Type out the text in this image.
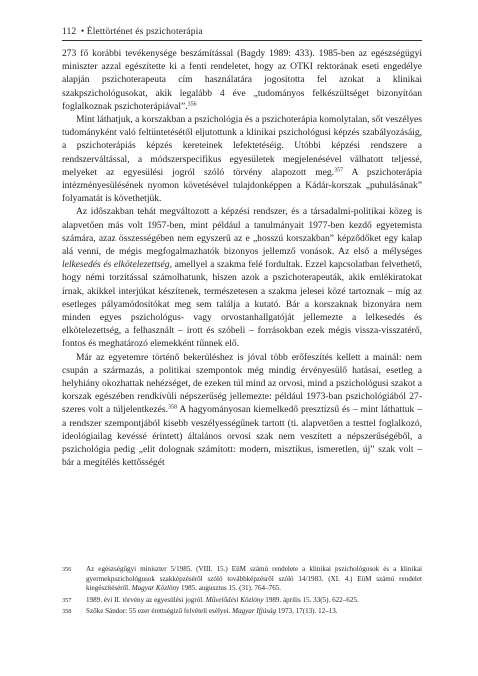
112 • Élettörténet és pszichoterápia

273 fő korábbi tevékenysége beszámítással (Bagdy 1989: 433). 1985-ben az egészségügyi miniszter azzal egészítette ki a fenti rendeletet, hogy az OTKI rektorának eseti engedélye alapján pszichoterapeuta cím használatára jogosította fel azokat a klinikai szakpszichológusokat, akik legalább 4 éve „tudományos felkészültséget bizonyítóan foglalkoznak pszichoterápiával”.$^{356}$

Mint láthatjuk, a korszakban a pszichológia és a pszichoterápia komolytalan, sőt veszélyes tudományként való feltüntetésétől eljutottunk a klinikai pszichológusi képzés szabályozásáig, a pszichoterápiás képzés kereteinek lefektetéséig. Utóbbi képzési rendszere a rendszerváltással, a módszerspecifikus egyesületek megjelenésével válhatott teljessé, melyeket az egyesülési jogról szóló törvény alapozott meg.$^{357}$ A pszichoterápia intézményesülésének nyomon követésével tulajdonképpen a Kádár-korszak „puhulásának” folyamatát is követhetjük.

Az időszakban tehát megváltozott a képzési rendszer, és a társadalmi-politikai közeg is alapvetően más volt 1957-ben, mint például a tanulmányait 1977-ben kezdő egyetemista számára, azaz összességében nem egyszerű az e „hosszú korszakban” képződőket egy kalap alá venni, de mégis megfogalmazhatók bizonyos jellemző vonások. Az első a mélységes lelkesedés és elkötelezettség, amellyel a szakma felé fordultak. Ezzel kapcsolatban felvethető, hogy némi torzítással számolhatunk, hiszen azok a pszichoterapeuták, akik emlékiratokat írnak, akikkel interjúkat készítenek, természetesen a szakma jelesei közé tartoznak – míg az esetleges pályamódosítókat meg sem találja a kutató. Bár a korszaknak bizonyára nem minden egyes pszichológus- vagy orvostanhallgatóját jellemezte a lelkesedés és elkötelezettség, a felhasznált – írott és szóbeli – forrásokban ezek mégis vissza-visszatérő, fontos és meghatározó elemekként tűnnek elő.

Már az egyetemre történő bekerüléshez is jóval több erőfeszítés kellett a mainál: nem csupán a származás, a politikai szempontok még mindig érvényesülő hatásai, esetleg a helyhiány okozhattak nehézséget, de ezeken túl mind az orvosi, mind a pszichológusi szakot a korszak egészében rendkívüli népszerűség jellemezte: például 1973-ban pszichológiából 27-szeres volt a túljelentkezés.$^{358}$ A hagyományosan kiemelkedő presztízsű és – mint láthattuk – a rendszer szempontjából kisebb veszélyességűnek tartott (ti. alapvetően a testtel foglalkozó, ideológiailag kevéssé érintett) általános orvosi szak nem veszített a népszerűségéből, a pszichológia pedig „elit dolognak számított: modern, misztikus, ismeretlen, új” szak volt – bár a megítélés kettősségét

356 Az egészségügyi miniszter 5/1985. (VIII. 15.) EüM számú rendelete a klinikai pszichológusok és a klinikai gyermekpszichológusok szakképzéséről szóló továbbképzésről szóló 14/1983. (XI. 4.) EüM számú rendelet kiegészítéséről. Magyar Közlöny 1985. augusztus 15. (31). 764–765.
357 1989. évi II. törvény az egyesülési jogról. Művelődési Közlöny 1989. április 15. 33(5). 622–625.
358 Szőke Sándor: 55 ezer érettségiző felvételi esélyei. Magyar Ifjúság 1973, 17(13). 12–13.
